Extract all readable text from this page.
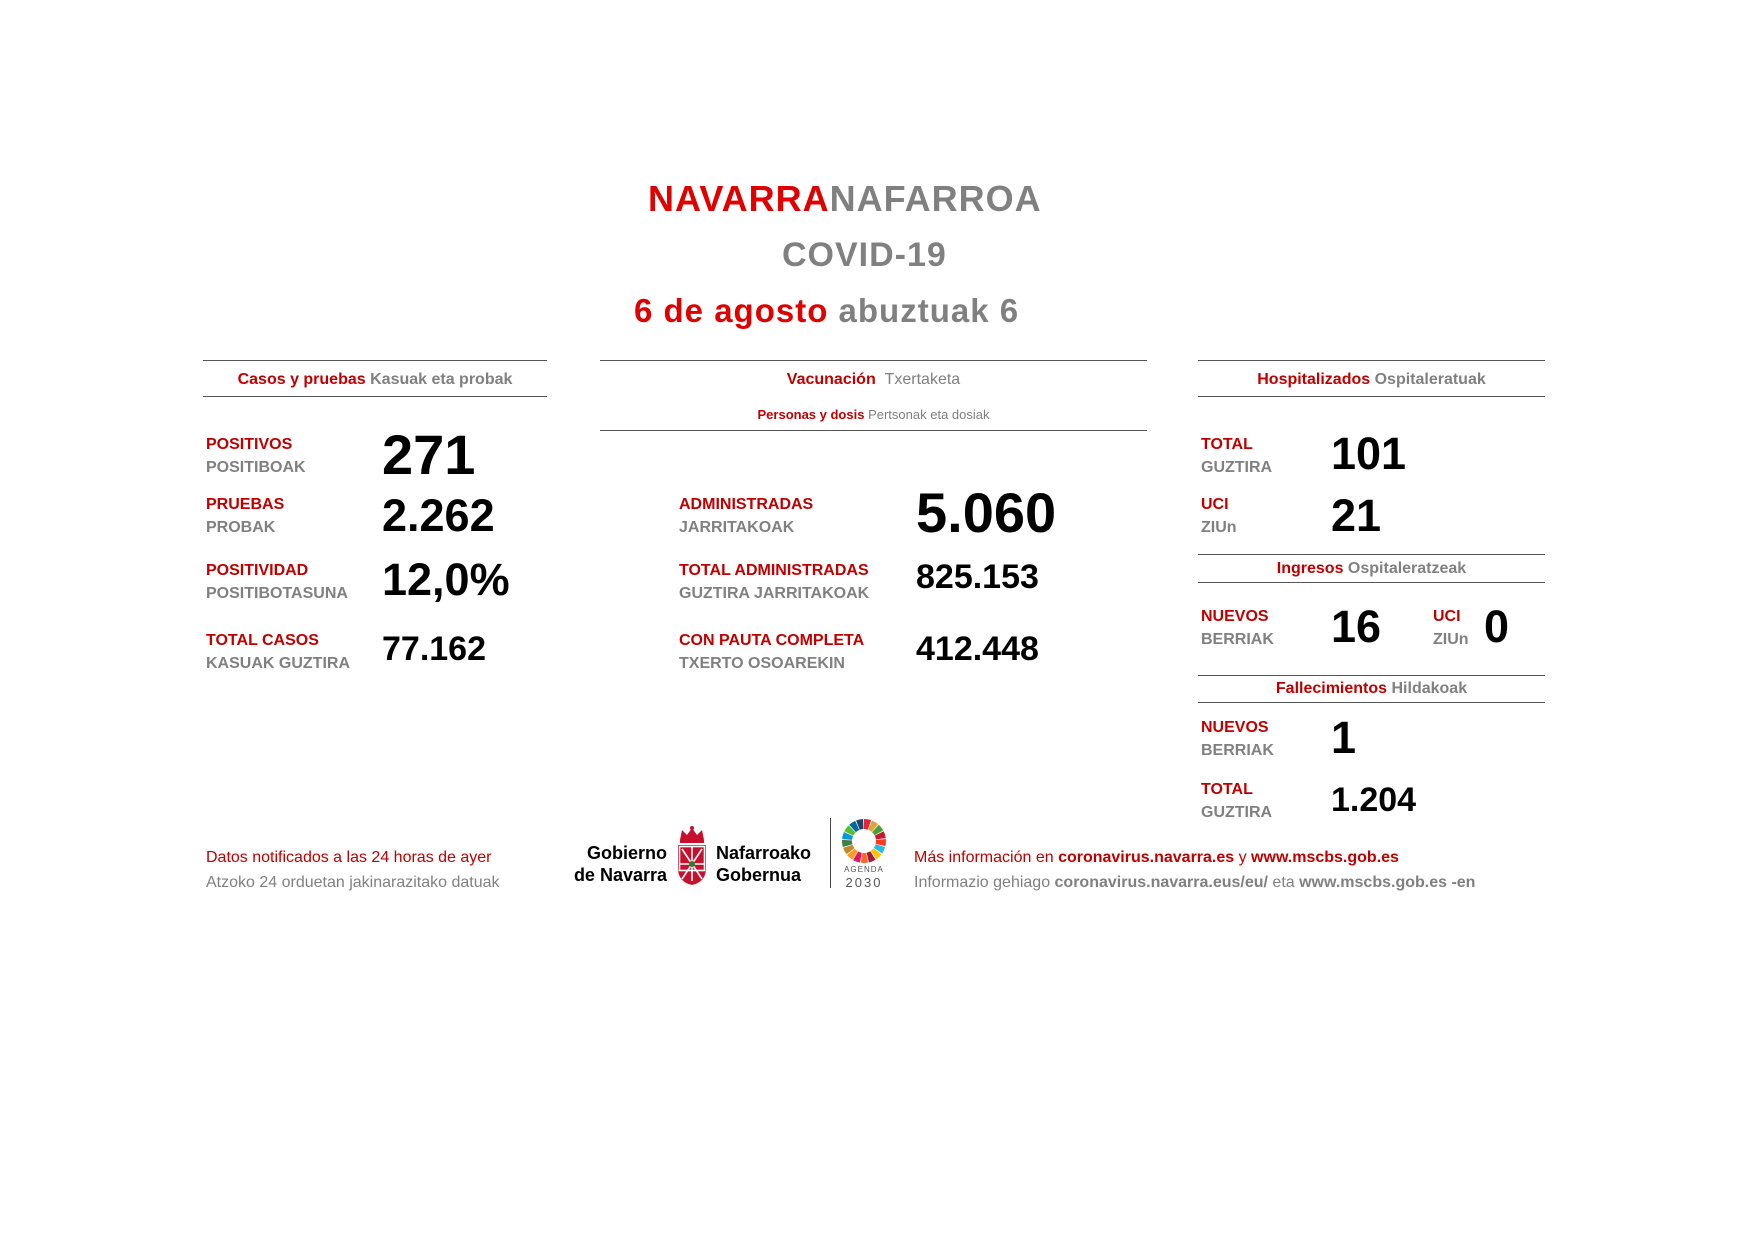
NAVARRANAFARROA
COVID-19
6 de agosto abuztuak 6
Casos y pruebas Kasuak eta probak
POSITIVOS
POSITIBOAK 271
PRUEBAS
PROBAK 2.262
POSITIVIDAD
POSITIBOTASUNA 12,0%
TOTAL CASOS
KASUAK GUZTIRA 77.162
Vacunación Txertaketa
Personas y dosis Pertsonak eta dosiak
ADMINISTRADAS
JARRITAKOAK	5.060
TOTAL ADMINISTRADAS
GUZTIRA JARRITAKOAK 825.153
CON PAUTA COMPLETA
TXERTO OSOAREKIN	412.448
Hospitalizados Ospitaleratuak
TOTAL
GUZTIRA 101
UCI
ZIUn 21
Ingresos Ospitaleratzeak
NUEVOS
BERRIAK 16	UCI
ZIUn 0
Fallecimientos Hildakoak
NUEVOS
BERRIAK 1
TOTAL
GUZTIRA 1.204
Datos notificados a las 24 horas de ayer
Atzoko 24 orduetan jakinarazitako datuak
Gobierno
de Navarra
Nafarroako
Gobernua	AGENDA
2030
Más información en coronavirus.navarra.es y www.mscbs.gob.es
Informazio gehiago coronavirus.navarra.eus/eu/ eta www.mscbs.gob.es -en
